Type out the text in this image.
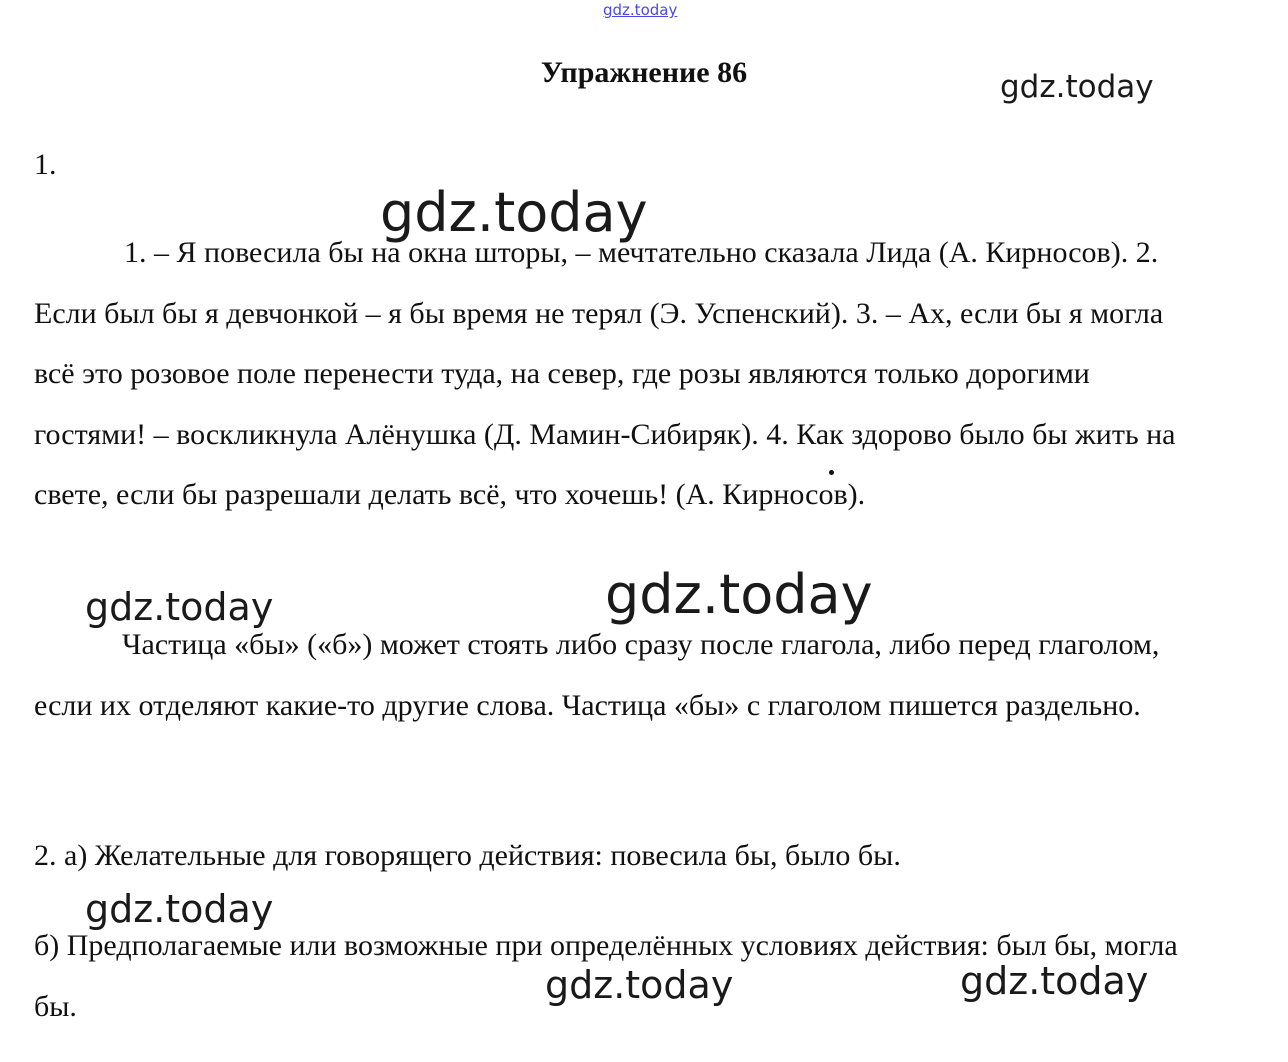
gdz.today
gdz.today
Упражнение 86
1.
gdz.today

1. – Я повесила бы на окна шторы, – мечтательно сказала Лида (А. Кирносов). 2. Если был бы я девчонкой – я бы время не терял (Э. Успенский). 3. – Ах, если бы я могла всё это розовое поле перенести туда, на север, где розы являются только дорогими гостями! – воскликнула Алёнушка (Д. Мамин-Сибиряк). 4. Как здорово было бы жить на свете, если бы разрешали делать всё, что хочешь! (А. Кирносов).

gdz.today	gdz.today

Частица «бы» («б») может стоять либо сразу после глагола, либо перед глаголом, если их отделяют какие-то другие слова. Частица «бы» с глаголом пишется раздельно.

2. а) Желательные для говорящего действия: повесила бы, было бы.

gdz.today

б) Предполагаемые или возможные при определённых условиях действия: был бы, могла бы.	gdz.today	gdz.today
